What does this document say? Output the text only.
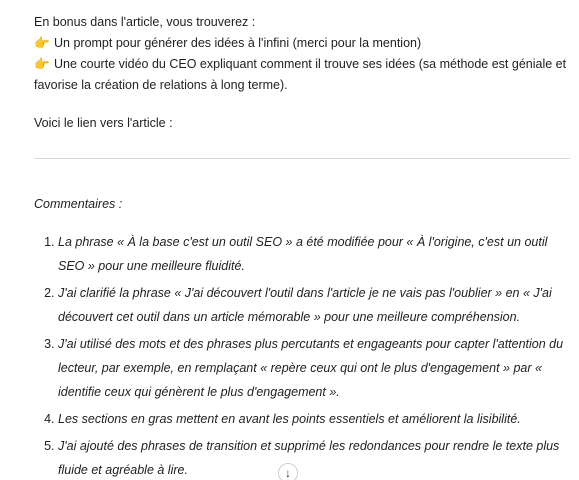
En bonus dans l'article, vous trouverez :

👉 Un prompt pour générer des idées à l'infini (merci pour la mention)

👉 Une courte vidéo du CEO expliquant comment il trouve ses idées (sa méthode est géniale et favorise la création de relations à long terme).

Voici le lien vers l'article :

Commentaires :
1. La phrase « À la base c'est un outil SEO » a été modifiée pour « À l'origine, c'est un outil SEO » pour une meilleure fluidité.
2. J'ai clarifié la phrase « J'ai découvert l'outil dans l'article je ne vais pas l'oublier » en « J'ai découvert cet outil dans un article mémorable » pour une meilleure compréhension.
3. J'ai utilisé des mots et des phrases plus percutants et engageants pour capter l'attention du lecteur, par exemple, en remplaçant « repère ceux qui ont le plus d'engagement » par « identifie ceux qui génèrent le plus d'engagement ».
4. Les sections en gras mettent en avant les points essentiels et améliorent la lisibilité.
5. J'ai ajouté des phrases de transition et supprimé les redondances pour rendre le texte plus fluide et agréable à lire.	↓
